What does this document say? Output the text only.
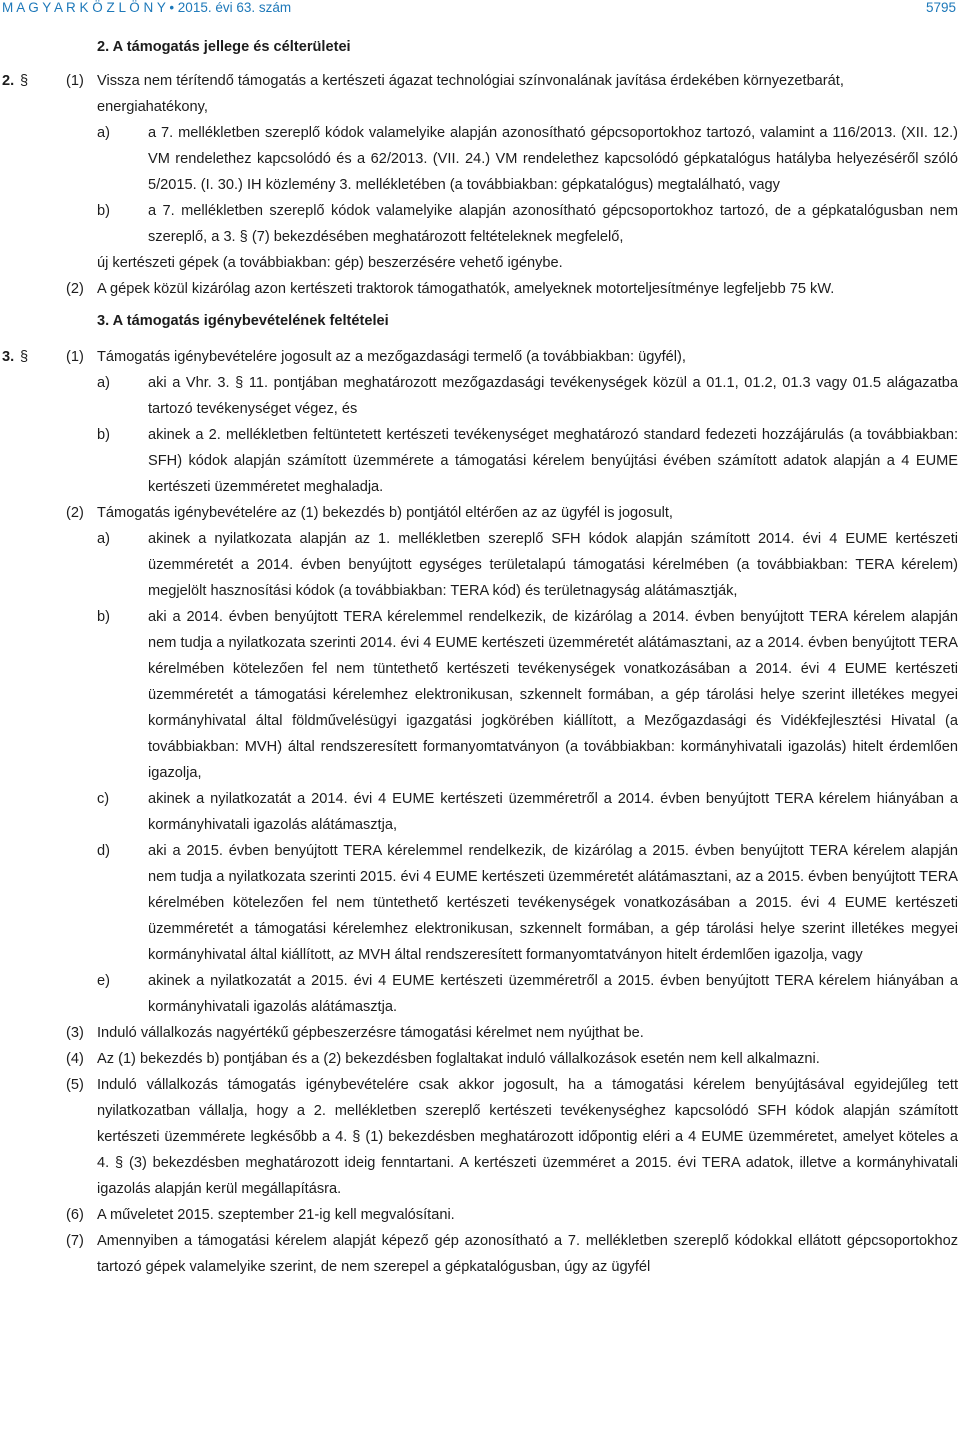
M A G Y A R K Ö Z L Ö N Y • 2015. évi 63. szám	5795
2. A támogatás jellege és célterületei
2. §	(1) Vissza nem térítendő támogatás a kertészeti ágazat technológiai színvonalának javítása érdekében környezetbarát, energiahatékony,

a)	a 7. mellékletben szereplő kódok valamelyike alapján azonosítható gépcsoportokhoz tartozó, valamint a 116/2013. (XII. 12.) VM rendelethez kapcsolódó és a 62/2013. (VII. 24.) VM rendelethez kapcsolódó gépkatalógus hatályba helyezéséről szóló 5/2015. (I. 30.) IH közlemény 3. mellékletében (a továbbiakban: gépkatalógus) megtalálható, vagy

b)	a 7. mellékletben szereplő kódok valamelyike alapján azonosítható gépcsoportokhoz tartozó, de a gépkatalógusban nem szereplő, a 3. § (7) bekezdésében meghatározott feltételeknek megfelelő,

új kertészeti gépek (a továbbiakban: gép) beszerzésére vehető igénybe.

(2) A gépek közül kizárólag azon kertészeti traktorok támogathatók, amelyeknek motorteljesítménye legfeljebb 75 kW.

3. A támogatás igénybevételének feltételei
3. §	(1) Támogatás igénybevételére jogosult az a mezőgazdasági termelő (a továbbiakban: ügyfél),

a)	aki a Vhr. 3. § 11. pontjában meghatározott mezőgazdasági tevékenységek közül a 01.1, 01.2, 01.3 vagy 01.5 alágazatba tartozó tevékenységet végez, és

b)	akinek a 2. mellékletben feltüntetett kertészeti tevékenységet meghatározó standard fedezeti hozzájárulás (a továbbiakban: SFH) kódok alapján számított üzemmérete a támogatási kérelem benyújtási évében számított adatok alapján a 4 EUME kertészeti üzemméretet meghaladja.

(2) Támogatás igénybevételére az (1) bekezdés b) pontjától eltérően az az ügyfél is jogosult,

a)	akinek a nyilatkozata alapján az 1. mellékletben szereplő SFH kódok alapján számított 2014. évi 4 EUME kertészeti üzemméretét a 2014. évben benyújtott egységes területalapú támogatási kérelmében (a továbbiakban: TERA kérelem) megjelölt hasznosítási kódok (a továbbiakban: TERA kód) és területnagyság alátámasztják,

b)	aki a 2014. évben benyújtott TERA kérelemmel rendelkezik, de kizárólag a 2014. évben benyújtott TERA kérelem alapján nem tudja a nyilatkozata szerinti 2014. évi 4 EUME kertészeti üzemméretét alátámasztani, az a 2014. évben benyújtott TERA kérelmében kötelezően fel nem tüntethető kertészeti tevékenységek vonatkozásában a 2014. évi 4 EUME kertészeti üzemméretét a támogatási kérelemhez elektronikusan, szkennelt formában, a gép tárolási helye szerint illetékes megyei kormányhivatal által földművelésügyi igazgatási jogkörében kiállított, a Mezőgazdasági és Vidékfejlesztési Hivatal (a továbbiakban: MVH) által rendszeresített formanyomtatványon (a továbbiakban: kormányhivatali igazolás) hitelt érdemlően igazolja,

c)	akinek a nyilatkozatát a 2014. évi 4 EUME kertészeti üzemméretről a 2014. évben benyújtott TERA kérelem hiányában a kormányhivatali igazolás alátámasztja,

d)	aki a 2015. évben benyújtott TERA kérelemmel rendelkezik, de kizárólag a 2015. évben benyújtott TERA kérelem alapján nem tudja a nyilatkozata szerinti 2015. évi 4 EUME kertészeti üzemméretét alátámasztani, az a 2015. évben benyújtott TERA kérelmében kötelezően fel nem tüntethető kertészeti tevékenységek vonatkozásában a 2015. évi 4 EUME kertészeti üzemméretét a támogatási kérelemhez elektronikusan, szkennelt formában, a gép tárolási helye szerint illetékes megyei kormányhivatal által kiállított, az MVH által rendszeresített formanyomtatványon hitelt érdemlően igazolja, vagy

e)	akinek a nyilatkozatát a 2015. évi 4 EUME kertészeti üzemméretről a 2015. évben benyújtott TERA kérelem hiányában a kormányhivatali igazolás alátámasztja.

(3) Induló vállalkozás nagyértékű gépbeszerzésre támogatási kérelmet nem nyújthat be.

(4) Az (1) bekezdés b) pontjában és a (2) bekezdésben foglaltakat induló vállalkozások esetén nem kell alkalmazni.

(5) Induló vállalkozás támogatás igénybevételére csak akkor jogosult, ha a támogatási kérelem benyújtásával egyidejűleg tett nyilatkozatban vállalja, hogy a 2. mellékletben szereplő kertészeti tevékenységhez kapcsolódó SFH kódok alapján számított kertészeti üzemmérete legkésőbb a 4. § (1) bekezdésben meghatározott időpontig eléri a 4 EUME üzemméretet, amelyet köteles a 4. § (3) bekezdésben meghatározott ideig fenntartani. A kertészeti üzemméret a 2015. évi TERA adatok, illetve a kormányhivatali igazolás alapján kerül megállapításra.

(6) A műveletet 2015. szeptember 21-ig kell megvalósítani.

(7) Amennyiben a támogatási kérelem alapját képező gép azonosítható a 7. mellékletben szereplő kódokkal ellátott gépcsoportokhoz tartozó gépek valamelyike szerint, de nem szerepel a gépkatalógusban, úgy az ügyfél
